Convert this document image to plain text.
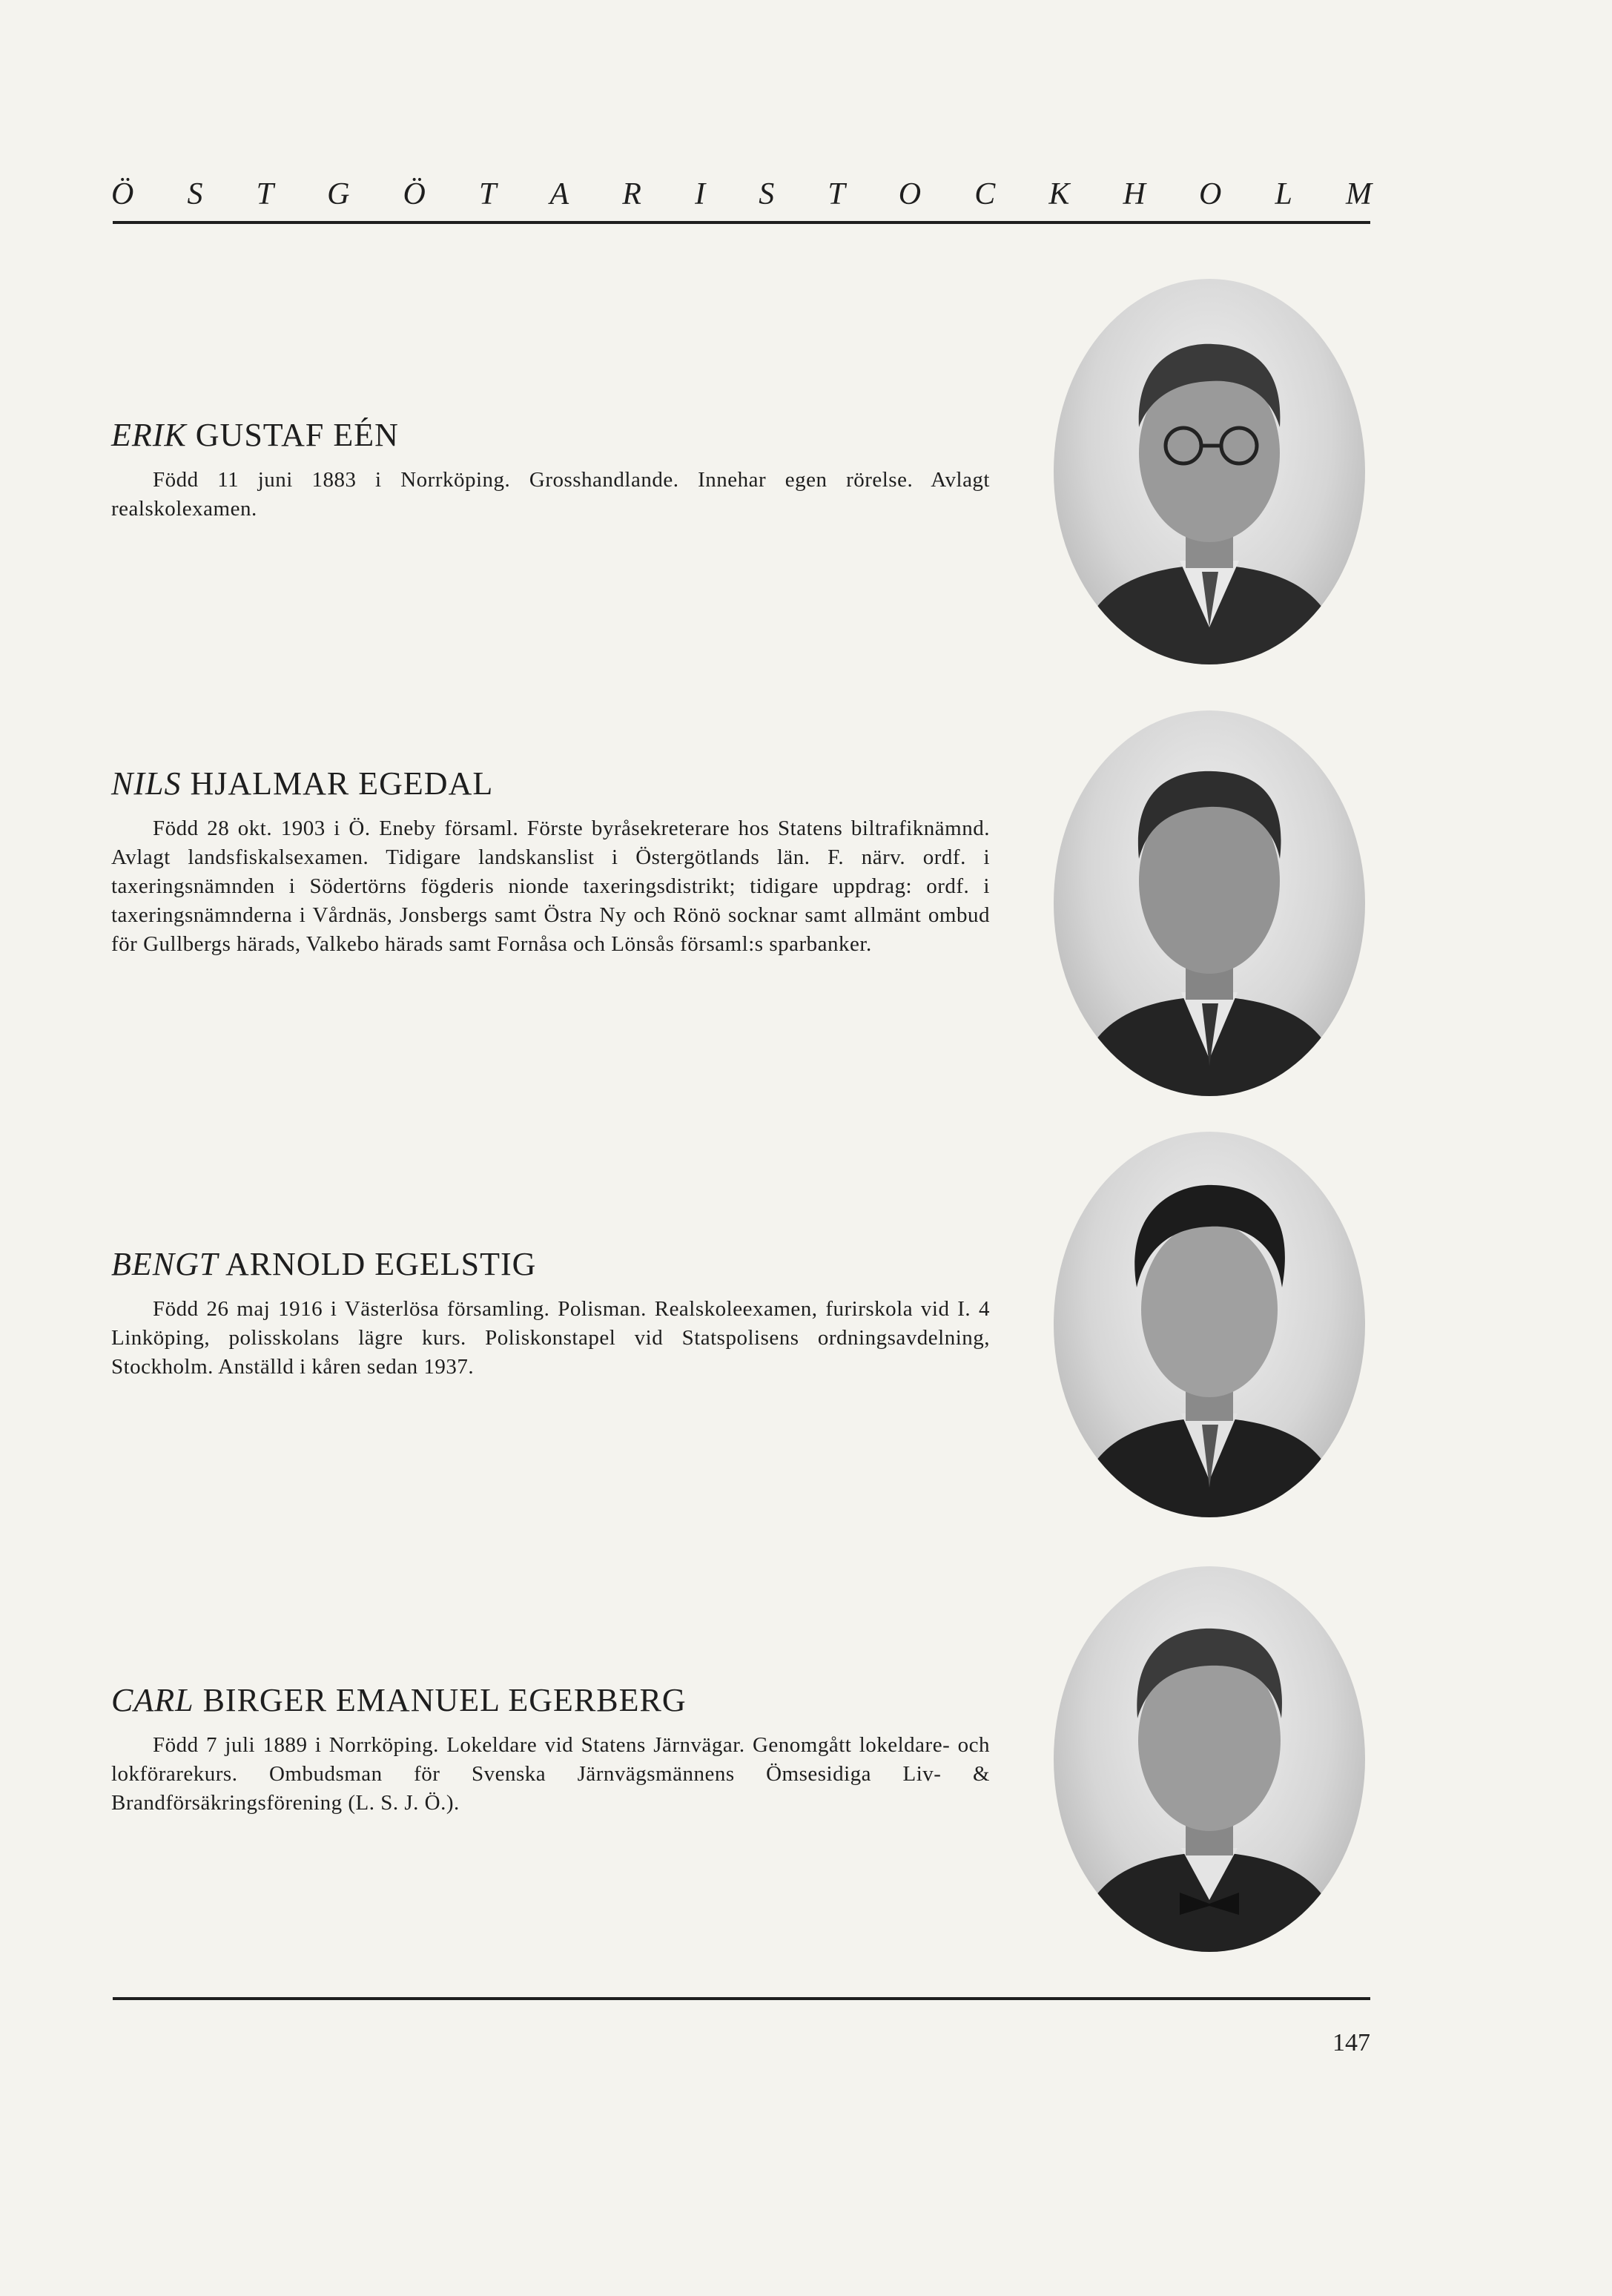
Ö S T G Ö T A R I S T O C K H O L M
ERIK GUSTAF EÉN

Född 11 juni 1883 i Norrköping. Grosshandlande. Innehar egen rörelse. Avlagt realskolexamen.

NILS HJALMAR EGEDAL

Född 28 okt. 1903 i Ö. Eneby församl. Förste byråsekreterare hos Statens biltrafiknämnd. Avlagt landsfiskalsexamen. Tidigare landskanslist i Östergötlands län. F. närv. ordf. i taxeringsnämnden i Södertörns fögderis nionde taxeringsdistrikt; tidigare uppdrag: ordf. i taxeringsnämnderna i Vårdnäs, Jonsbergs samt Östra Ny och Rönö socknar samt allmänt ombud för Gullbergs härads, Valkebo härads samt Fornåsa och Lönsås församl:s sparbanker.

BENGT ARNOLD EGELSTIG

Född 26 maj 1916 i Västerlösa församling. Polisman. Realskoleexamen, furirskola vid I. 4 Linköping, polisskolans lägre kurs. Poliskonstapel vid Statspolisens ordningsavdelning, Stockholm. Anställd i kåren sedan 1937.

CARL BIRGER EMANUEL EGERBERG

Född 7 juli 1889 i Norrköping. Lokeldare vid Statens Järnvägar. Genomgått lokeldare- och lokförarekurs. Ombudsman för Svenska Järnvägsmännens Ömsesidiga Liv- & Brandförsäkringsförening (L. S. J. Ö.).

147
